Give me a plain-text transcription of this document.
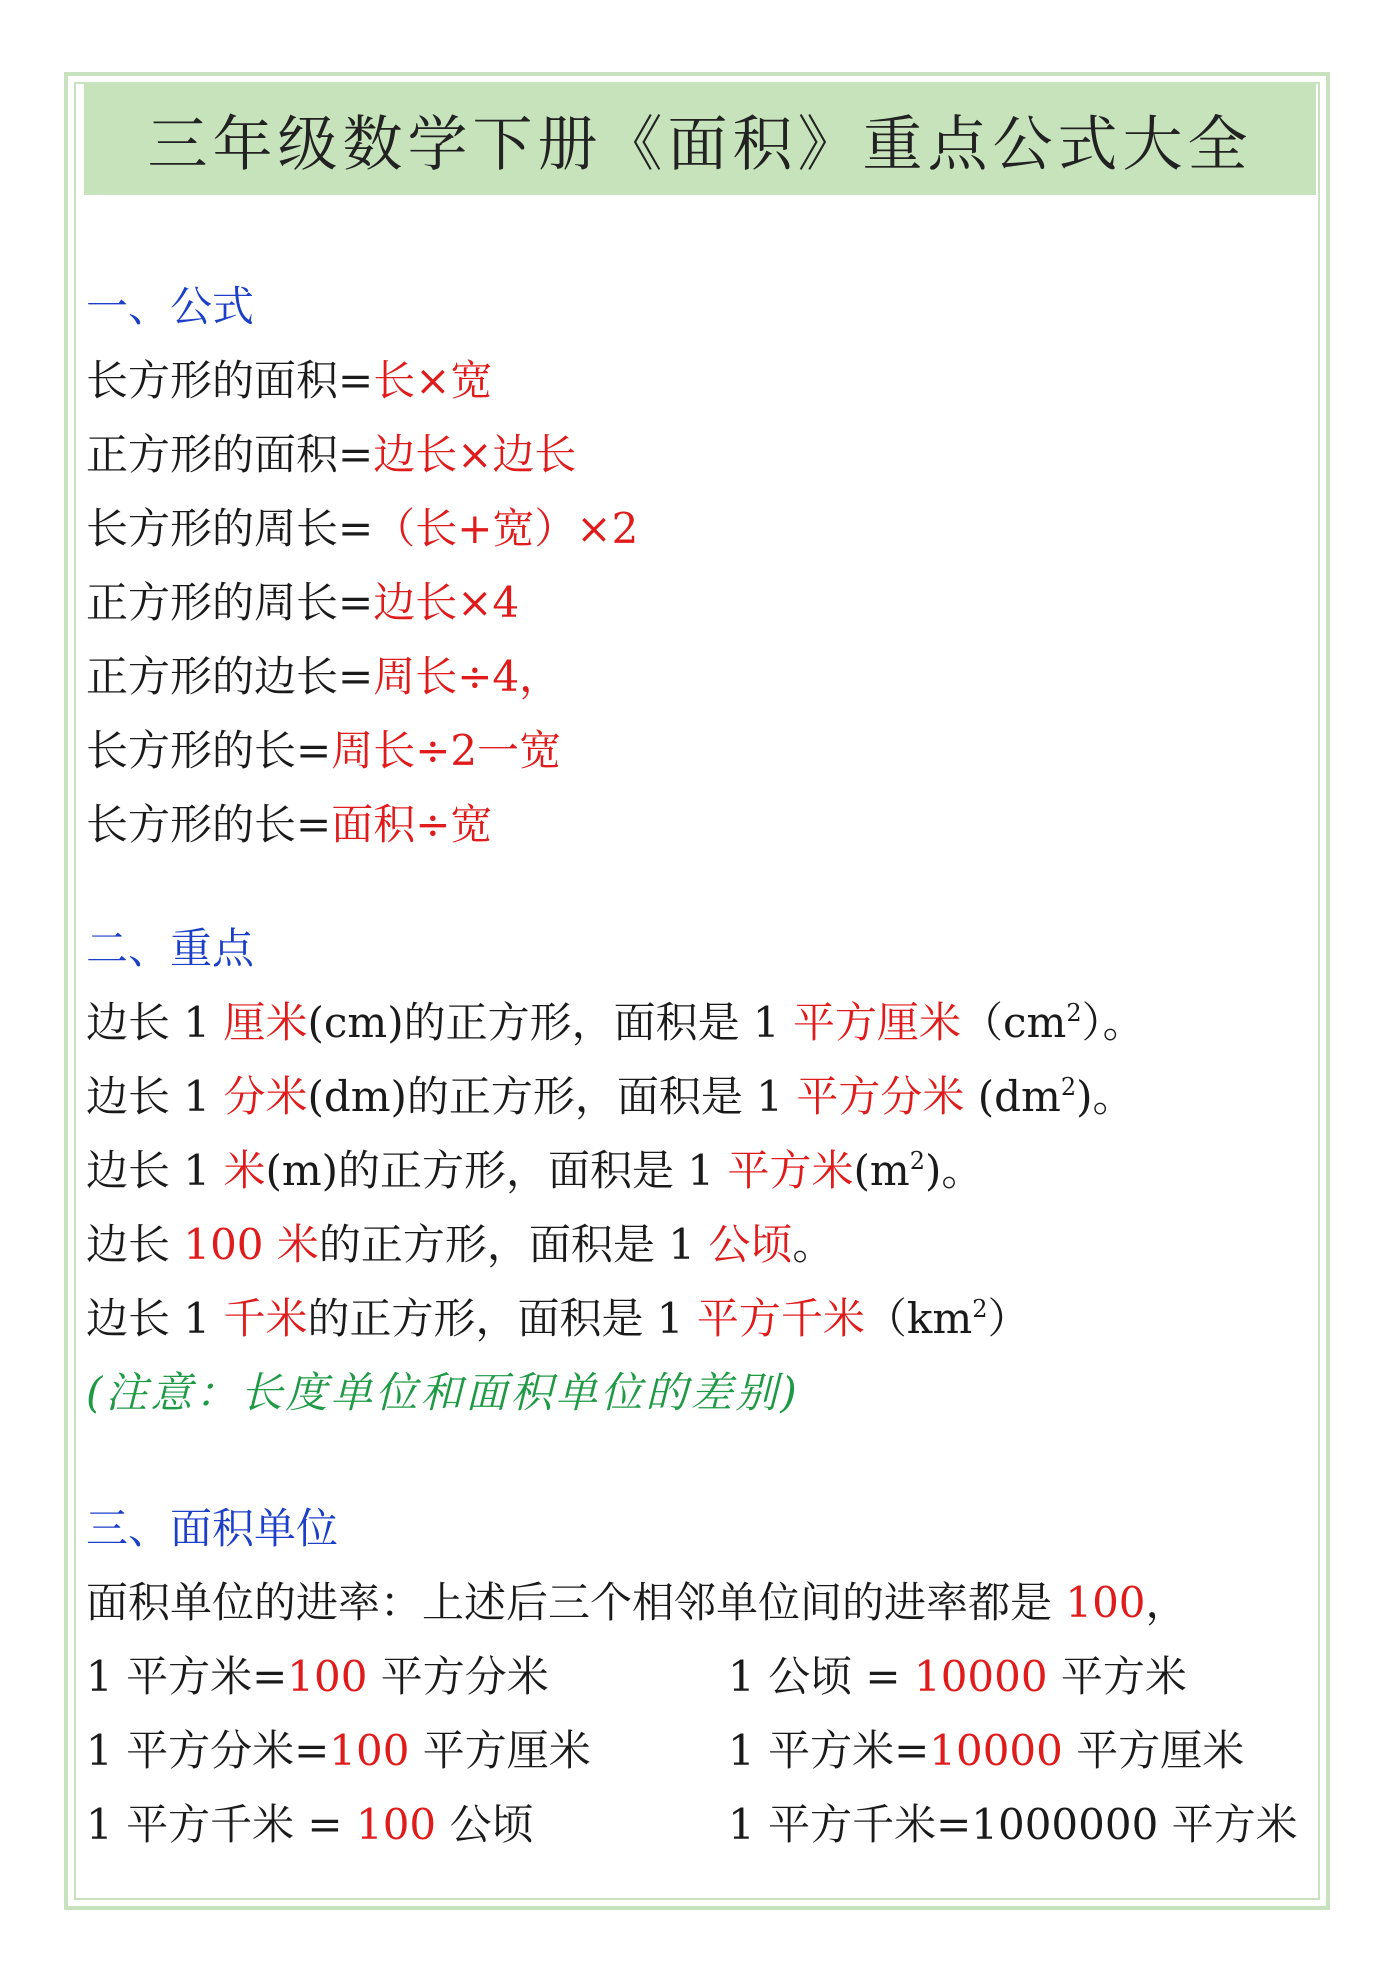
三年级数学下册《面积》重点公式大全
一、公式
长方形的面积=长×宽
正方形的面积=边长×边长
长方形的周长=（长+宽）×2
正方形的周长=边长×4
正方形的边长=周长÷4，
长方形的长=周长÷2一宽
长方形的长=面积÷宽
二、重点
边长 1 厘米(cm)的正方形，面积是 1 平方厘米$(cm^2)$。
边长 1 分米(dm)的正方形，面积是 1 平方分米 $(dm^2)$。
边长 1 米(m)的正方形，面积是 1 平方米$(m^2)$。
边长 100 米的正方形，面积是 1 公顷。
边长 1 千米的正方形，面积是 1 平方千米$(km^2)$
(注意：长度单位和面积单位的差别)
三、面积单位
面积单位的进率：上述后三个相邻单位间的进率都是 100，
1 平方米=100 平方分米	1 公顷 = 10000 平方米
1 平方分米=100 平方厘米	1 平方米=10000 平方厘米
1 平方千米 = 100 公顷	1 平方千米=1000000 平方米
